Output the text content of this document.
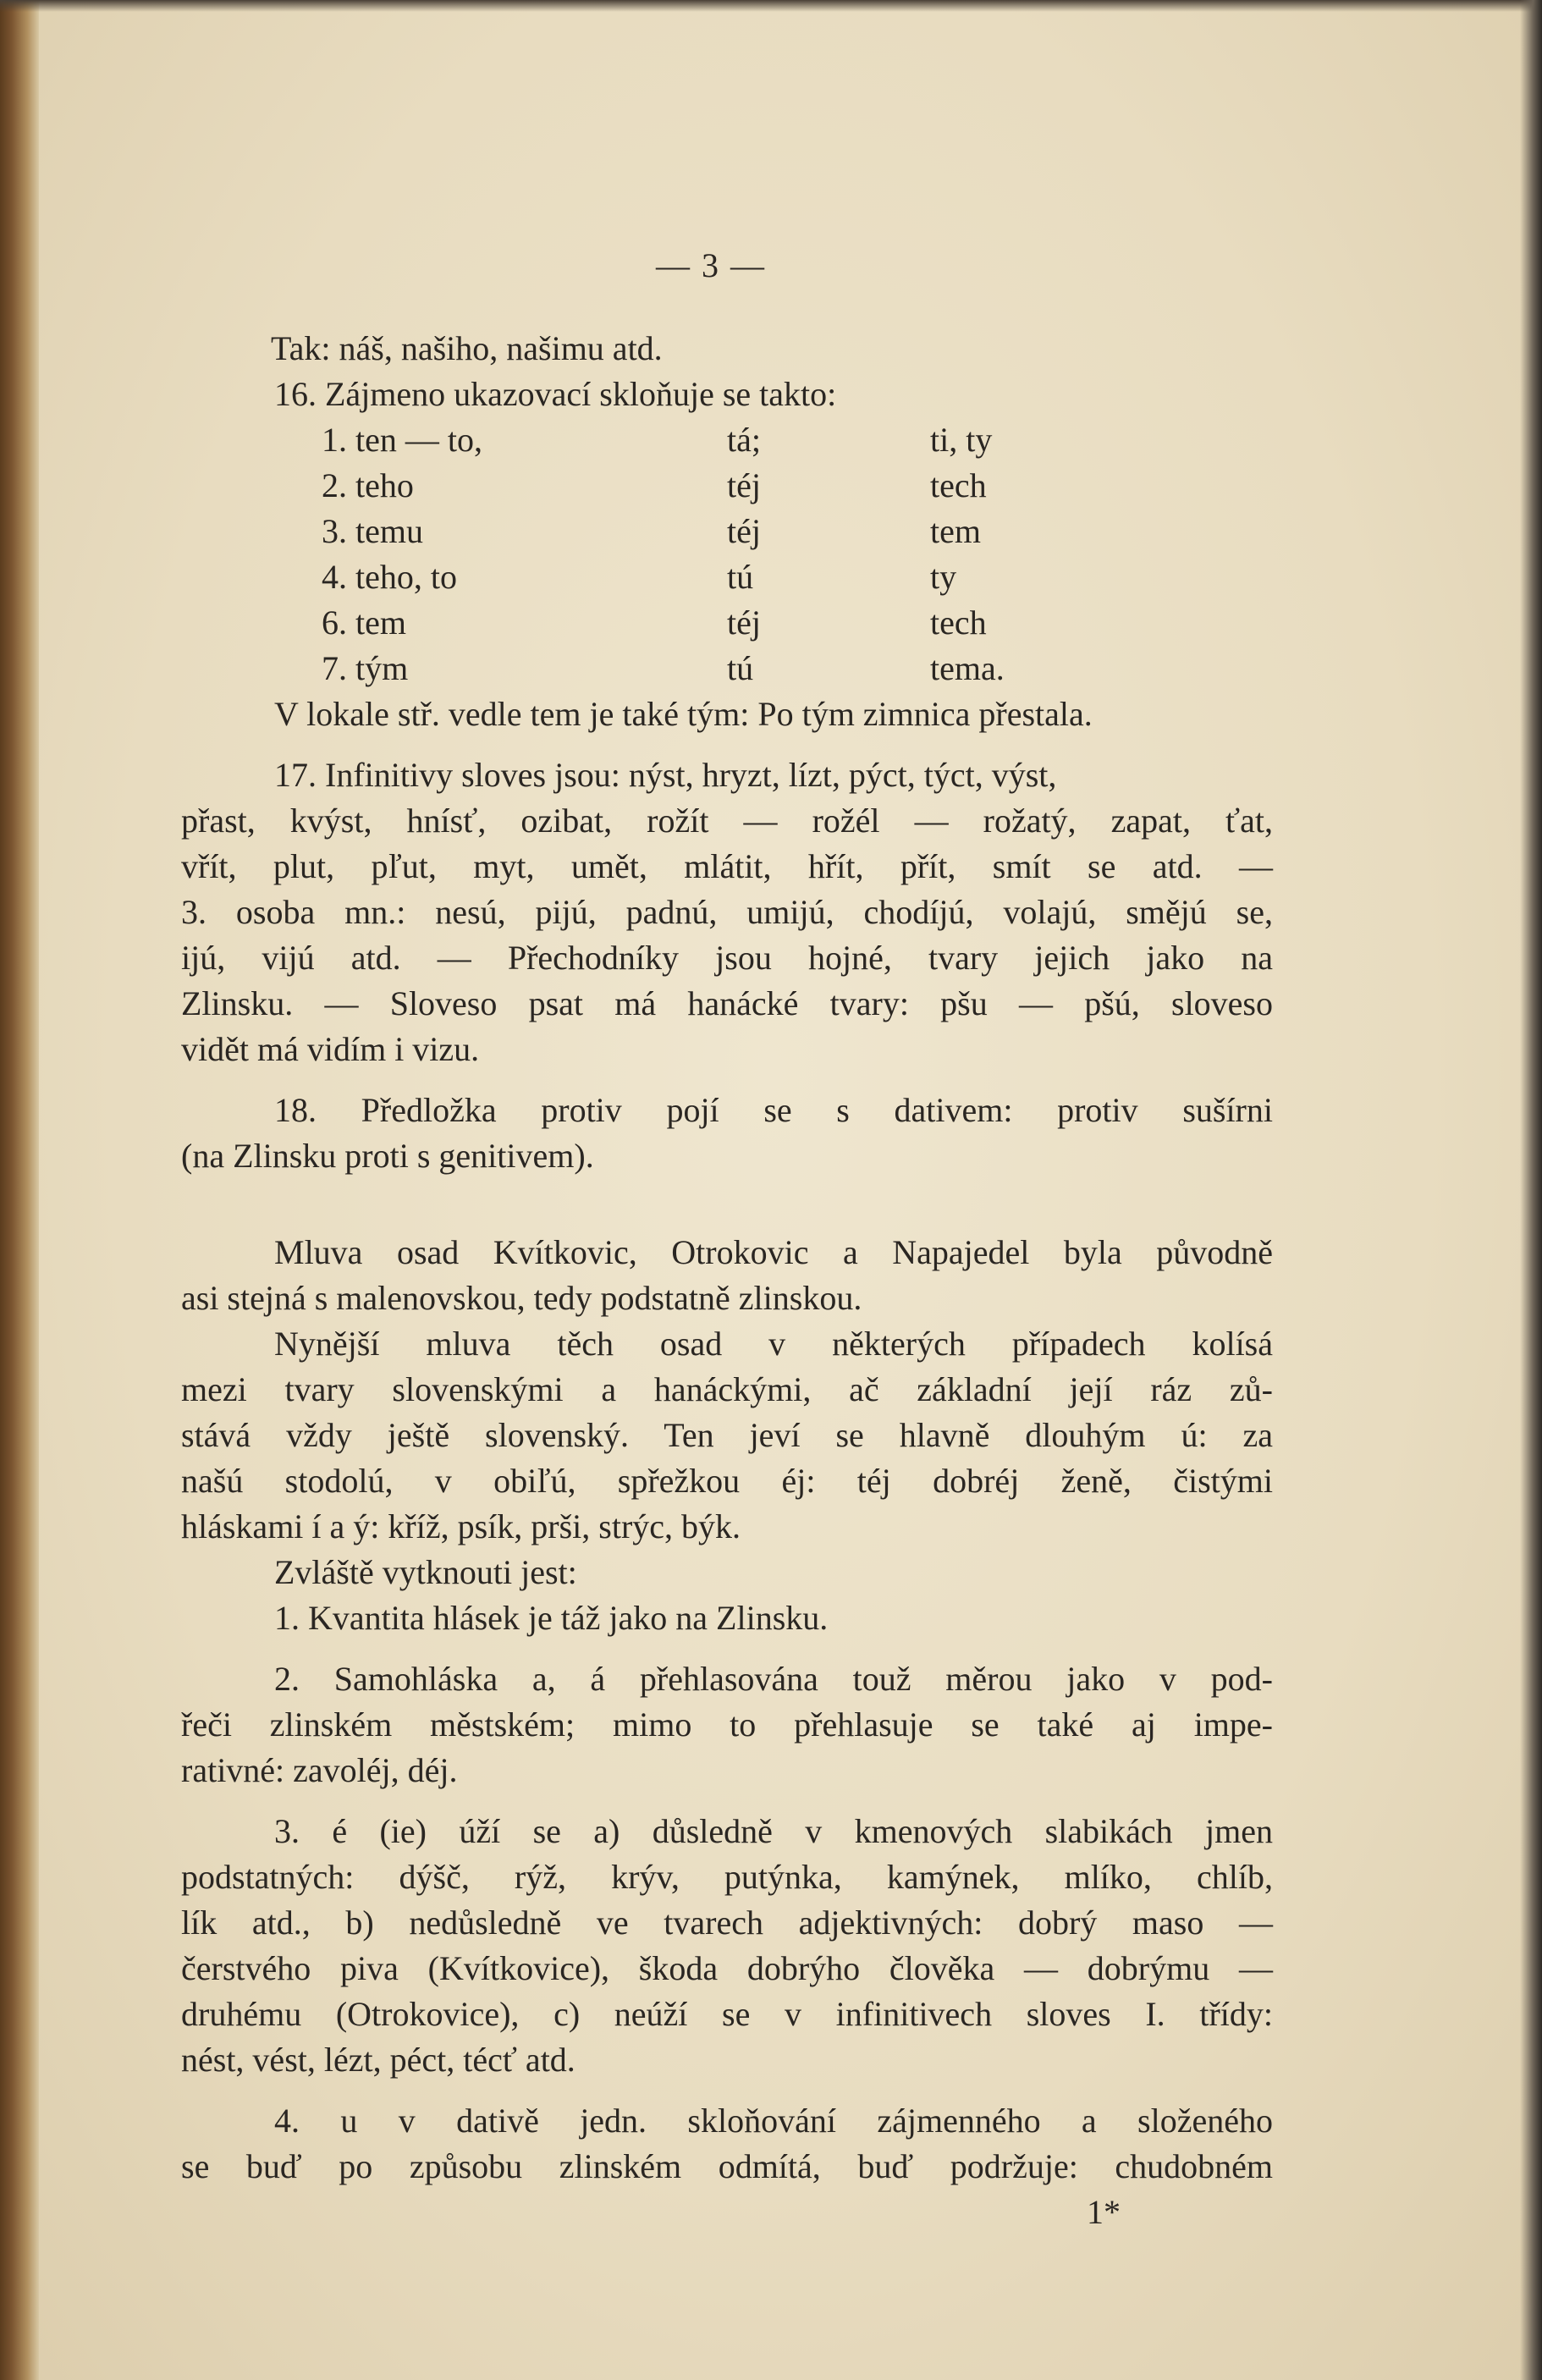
— 3 —
Tak: náš, našiho, našimu atd.
16. Zájmeno ukazovací skloňuje se takto:
1. ten — to,	tá;	ti, ty
2. teho	téj	tech
3. temu	téj	tem
4. teho, to	tú	ty
6. tem	téj	tech
7. tým	tú	tema.
V lokale stř. vedle tem je také tým: Po tým zimnica přestala.
17. Infinitivy sloves jsou: nýst, hryzt, lízt, pýct, týct, výst,
přast, kvýst, hnísť, ozibat, rožít — rožél — rožatý, zapat, ťat,
vřít, plut, pľut, myt, umět, mlátit, hřít, přít, smít se atd. —
3. osoba mn.: nesú, pijú, padnú, umijú, chodíjú, volajú, smějú se,
ijú, vijú atd. — Přechodníky jsou hojné, tvary jejich jako na
Zlinsku. — Sloveso psat má hanácké tvary: pšu — pšú, sloveso
vidět má vidím i vizu.
18. Předložka protiv pojí se s dativem: protiv sušírni
(na Zlinsku proti s genitivem).
Mluva osad Kvítkovic, Otrokovic a Napajedel byla původně
asi stejná s malenovskou, tedy podstatně zlinskou.
Nynější mluva těch osad v některých případech kolísá
mezi tvary slovenskými a hanáckými, ač základní její ráz zů-
stává vždy ještě slovenský. Ten jeví se hlavně dlouhým ú: za
našú stodolú, v obiľú, spřežkou éj: téj dobréj ženě, čistými
hláskami í a ý: kříž, psík, prši, strýc, býk.
Zvláště vytknouti jest:
1. Kvantita hlásek je táž jako na Zlinsku.
2. Samohláska a, á přehlasována touž měrou jako v pod-
řeči zlinském městském; mimo to přehlasuje se také aj impe-
rativné: zavoléj, déj.
3. é (ie) úží se a) důsledně v kmenových slabikách jmen
podstatných: dýšč, rýž, krýv, putýnka, kamýnek, mlíko, chlíb,
lík atd., b) nedůsledně ve tvarech adjektivných: dobrý maso —
čerstvého piva (Kvítkovice), škoda dobrýho člověka — dobrýmu —
druhému (Otrokovice), c) neúží se v infinitivech sloves I. třídy:
nést, vést, lézt, péct, técť atd.
4. u v dativě jedn. skloňování zájmenného a složeného
se buď po způsobu zlinském odmítá, buď podržuje: chudobném
1*
